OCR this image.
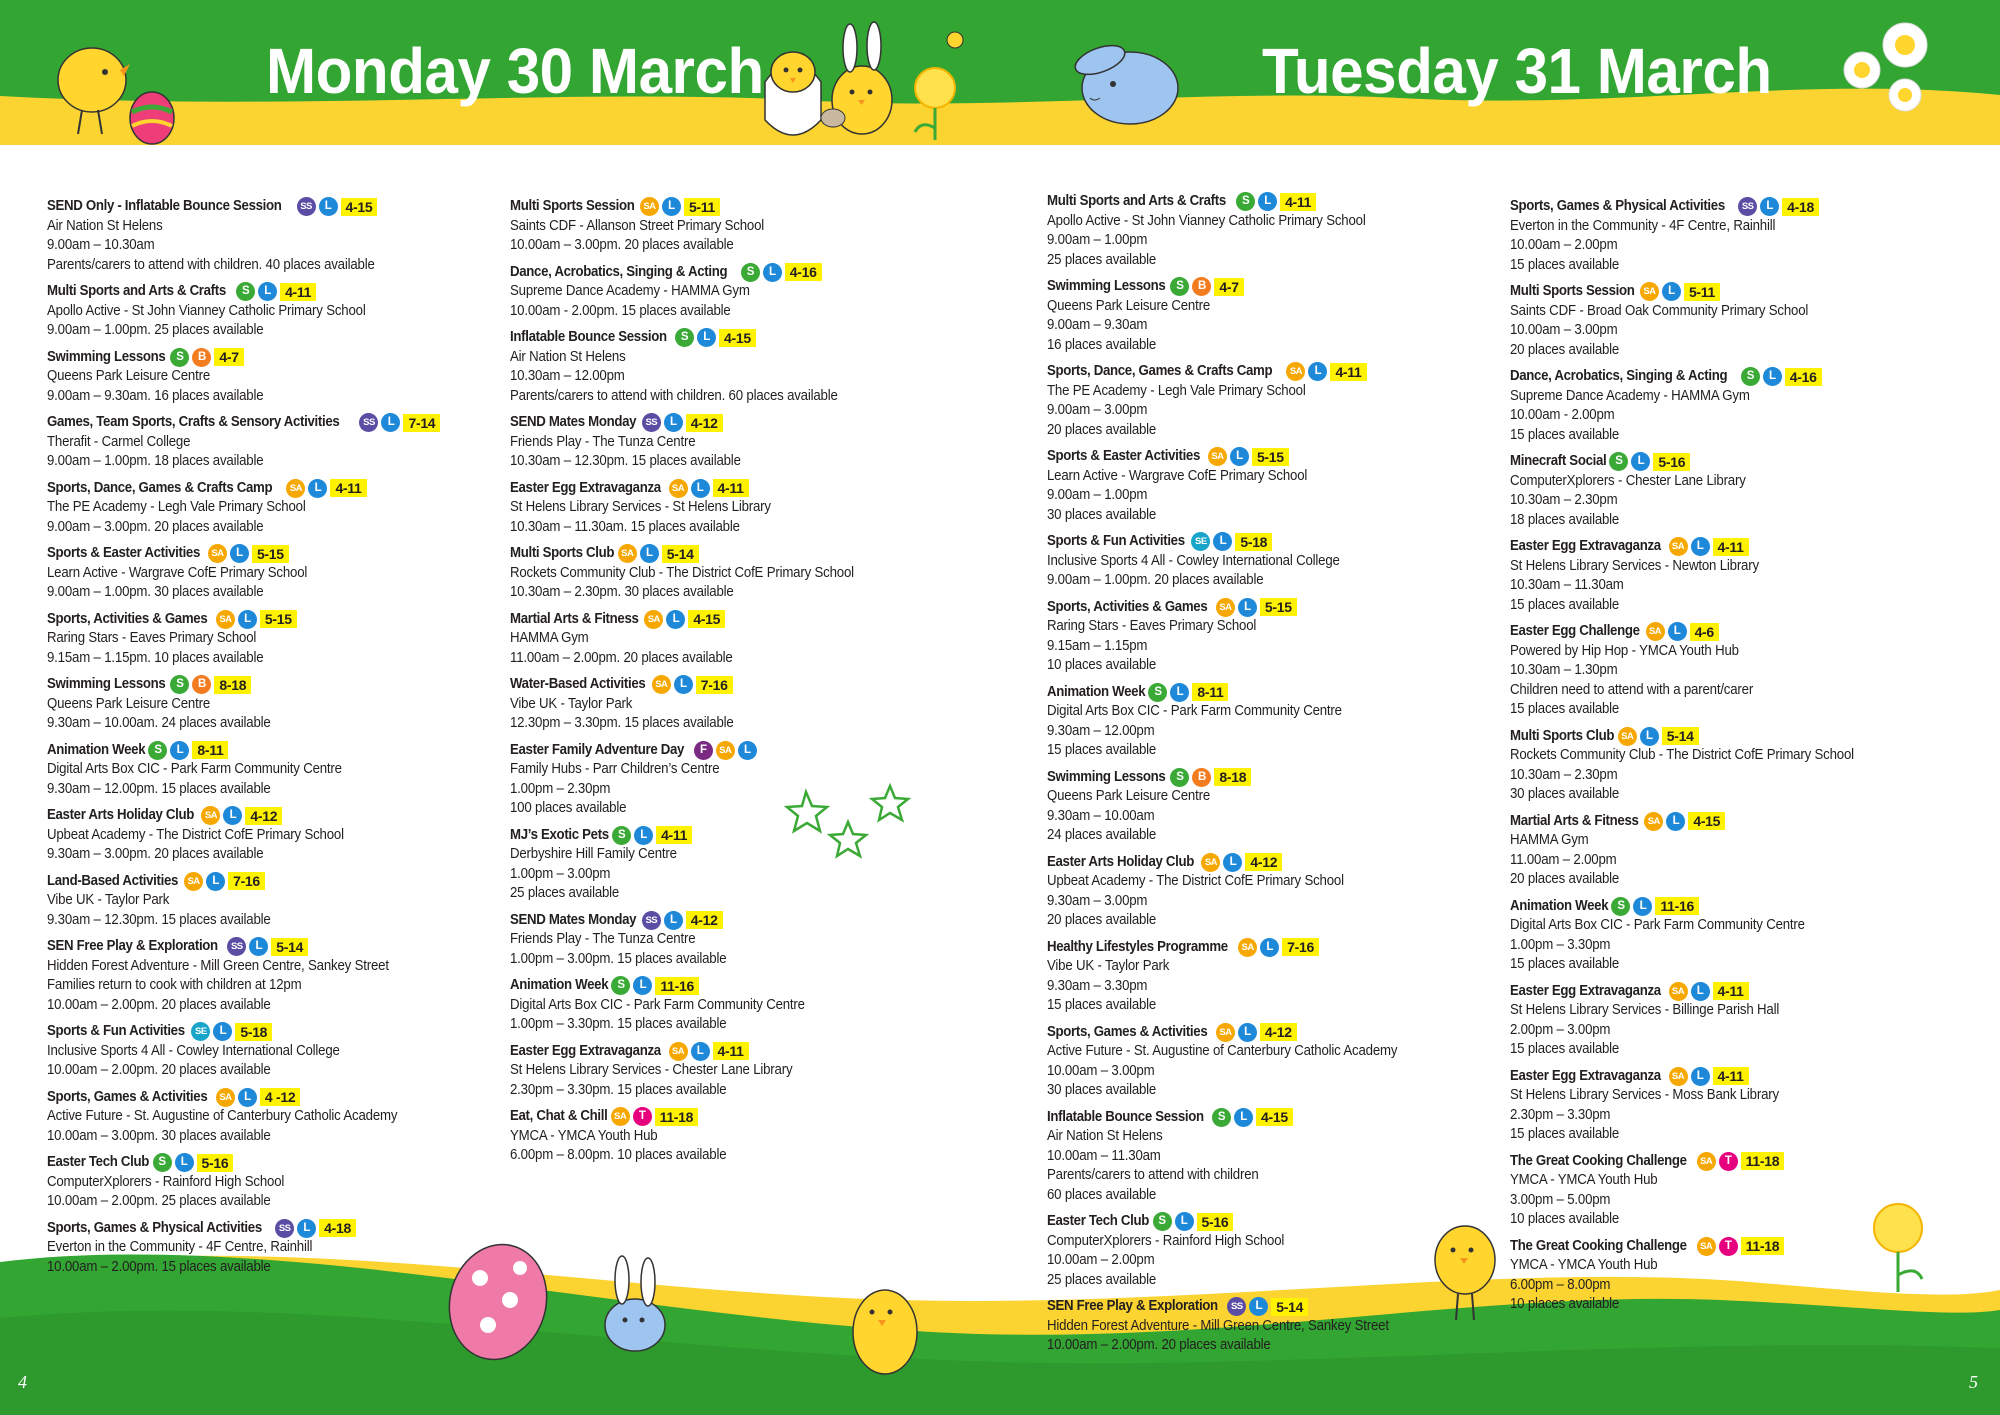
Monday 30 March	Tuesday 31 March
SEND Only - Inflatable Bounce Session	SS	L	4-15
Air Nation St Helens
9.00am – 10.30am
Parents/carers to attend with children. 40 places available
Multi Sports and Arts & Crafts	S	L	4-11
Apollo Active - St John Vianney Catholic Primary School
9.00am – 1.00pm. 25 places available
Swimming Lessons S	B 4-7
Queens Park Leisure Centre
9.00am – 9.30am. 16 places available
Games, Team Sports, Crafts & Sensory Activities	SS	L	7-14
Therafit - Carmel College
9.00am – 1.00pm. 18 places available
Sports, Dance, Games & Crafts Camp	SA	L	4-11
The PE Academy - Legh Vale Primary School
9.00am – 3.00pm. 20 places available
Sports & Easter Activities	SA	L	5-15
Learn Active - Wargrave CofE Primary School
9.00am – 1.00pm. 30 places available
Sports, Activities & Games	SA	L	5-15
Raring Stars - Eaves Primary School
9.15am – 1.15pm. 10 places available
Swimming Lessons S	B 8-18
Queens Park Leisure Centre
9.30am – 10.00am. 24 places available
Animation Week S	L	8-11
Digital Arts Box CIC - Park Farm Community Centre
9.30am – 12.00pm. 15 places available
Easter Arts Holiday Club	SA	L	4-12
Upbeat Academy - The District CofE Primary School
9.30am – 3.00pm. 20 places available
Land-Based Activities SA	L	7-16
Vibe UK - Taylor Park
9.30am – 12.30pm. 15 places available
SEN Free Play & Exploration	SS	L	5-14
Hidden Forest Adventure - Mill Green Centre, Sankey Street
Families return to cook with children at 12pm
10.00am – 2.00pm. 20 places available
Sports & Fun Activities	SE	L	5-18
Inclusive Sports 4 All - Cowley International College
10.00am – 2.00pm. 20 places available
Sports, Games & Activities	SA	L	4 -12
Active Future - St. Augustine of Canterbury Catholic Academy
10.00am – 3.00pm. 30 places available
Easter Tech Club S	L	5-16
ComputerXplorers - Rainford High School
10.00am – 2.00pm. 25 places available
Sports, Games & Physical Activities	SS	L	4-18
Everton in the Community - 4F Centre, Rainhill
10.00am – 2.00pm. 15 places available
Multi Sports Session SA	L	5-11
Saints CDF - Allanson Street Primary School
10.00am – 3.00pm. 20 places available
Dance, Acrobatics, Singing & Acting	S	L	4-16
Supreme Dance Academy - HAMMA Gym
10.00am - 2.00pm. 15 places available
Inflatable Bounce Session	S	L	4-15
Air Nation St Helens
10.30am – 12.00pm
Parents/carers to attend with children. 60 places available
SEND Mates Monday SS	L	4-12
Friends Play - The Tunza Centre
10.30am – 12.30pm. 15 places available
Easter Egg Extravaganza	SA	L	4-11
St Helens Library Services - St Helens Library
10.30am – 11.30am. 15 places available
Multi Sports Club SA	L	5-14
Rockets Community Club - The District CofE Primary School
10.30am – 2.30pm. 30 places available
Martial Arts & Fitness SA	L	4-15
HAMMA Gym
11.00am – 2.00pm. 20 places available
Water-Based Activities	SA	L	7-16
Vibe UK - Taylor Park
12.30pm – 3.30pm. 15 places available
Easter Family Adventure Day	F	SA	L
Family Hubs - Parr Children’s Centre
1.00pm – 2.30pm
100 places available
MJ’s Exotic Pets S	L	4-11
Derbyshire Hill Family Centre
1.00pm – 3.00pm
25 places available
SEND Mates Monday SS	L	4-12
Friends Play - The Tunza Centre
1.00pm – 3.00pm. 15 places available
Animation Week S	L	11-16
Digital Arts Box CIC - Park Farm Community Centre
1.00pm – 3.30pm. 15 places available
Easter Egg Extravaganza	SA	L	4-11
St Helens Library Services - Chester Lane Library
2.30pm – 3.30pm. 15 places available
Eat, Chat & Chill SA	T	11-18
YMCA - YMCA Youth Hub
6.00pm – 8.00pm. 10 places available
Multi Sports and Arts & Crafts	S	L	4-11
Apollo Active - St John Vianney Catholic Primary School
9.00am – 1.00pm
25 places available
Swimming Lessons S	B 4-7
Queens Park Leisure Centre
9.00am – 9.30am
16 places available
Sports, Dance, Games & Crafts Camp	SA	L	4-11
The PE Academy - Legh Vale Primary School
9.00am – 3.00pm
20 places available
Sports & Easter Activities	SA	L	5-15
Learn Active - Wargrave CofE Primary School
9.00am – 1.00pm
30 places available
Sports & Fun Activities	SE	L	5-18
Inclusive Sports 4 All - Cowley International College
9.00am – 1.00pm. 20 places available
Sports, Activities & Games	SA	L	5-15
Raring Stars - Eaves Primary School
9.15am – 1.15pm
10 places available
Animation Week S	L	8-11
Digital Arts Box CIC - Park Farm Community Centre
9.30am – 12.00pm
15 places available
Swimming Lessons S	B 8-18
Queens Park Leisure Centre
9.30am – 10.00am
24 places available
Easter Arts Holiday Club	SA	L	4-12
Upbeat Academy - The District CofE Primary School
9.30am – 3.00pm
20 places available
Healthy Lifestyles Programme	SA	L	7-16
Vibe UK - Taylor Park
9.30am – 3.30pm
15 places available
Sports, Games & Activities	SA	L	4-12
Active Future - St. Augustine of Canterbury Catholic Academy
10.00am – 3.00pm
30 places available
Inflatable Bounce Session	S	L	4-15
Air Nation St Helens
10.00am – 11.30am
Parents/carers to attend with children
60 places available
Easter Tech Club S	L	5-16
ComputerXplorers - Rainford High School
10.00am – 2.00pm
25 places available
SEN Free Play & Exploration	SS	L	5-14
Hidden Forest Adventure - Mill Green Centre, Sankey Street
10.00am – 2.00pm. 20 places available
Sports, Games & Physical Activities	SS	L	4-18
Everton in the Community - 4F Centre, Rainhill
10.00am – 2.00pm
15 places available
Multi Sports Session SA	L	5-11
Saints CDF - Broad Oak Community Primary School
10.00am – 3.00pm
20 places available
Dance, Acrobatics, Singing & Acting	S	L	4-16
Supreme Dance Academy - HAMMA Gym
10.00am - 2.00pm
15 places available
Minecraft Social S	L	5-16
ComputerXplorers - Chester Lane Library
10.30am – 2.30pm
18 places available
Easter Egg Extravaganza	SA	L	4-11
St Helens Library Services - Newton Library
10.30am – 11.30am
15 places available
Easter Egg Challenge SA	L	4-6
Powered by Hip Hop - YMCA Youth Hub
10.30am – 1.30pm
Children need to attend with a parent/carer
15 places available
Multi Sports Club SA	L	5-14
Rockets Community Club - The District CofE Primary School
10.30am – 2.30pm
30 places available
Martial Arts & Fitness SA	L	4-15
HAMMA Gym
11.00am – 2.00pm
20 places available
Animation Week S	L	11-16
Digital Arts Box CIC - Park Farm Community Centre
1.00pm – 3.30pm
15 places available
Easter Egg Extravaganza	SA	L	4-11
St Helens Library Services - Billinge Parish Hall
2.00pm – 3.00pm
15 places available
Easter Egg Extravaganza	SA	L	4-11
St Helens Library Services - Moss Bank Library
2.30pm – 3.30pm
15 places available
The Great Cooking Challenge	SA	T	11-18
YMCA - YMCA Youth Hub
3.00pm – 5.00pm
10 places available
The Great Cooking Challenge	SA	T	11-18
YMCA - YMCA Youth Hub
6.00pm – 8.00pm
10 places available
4	5
